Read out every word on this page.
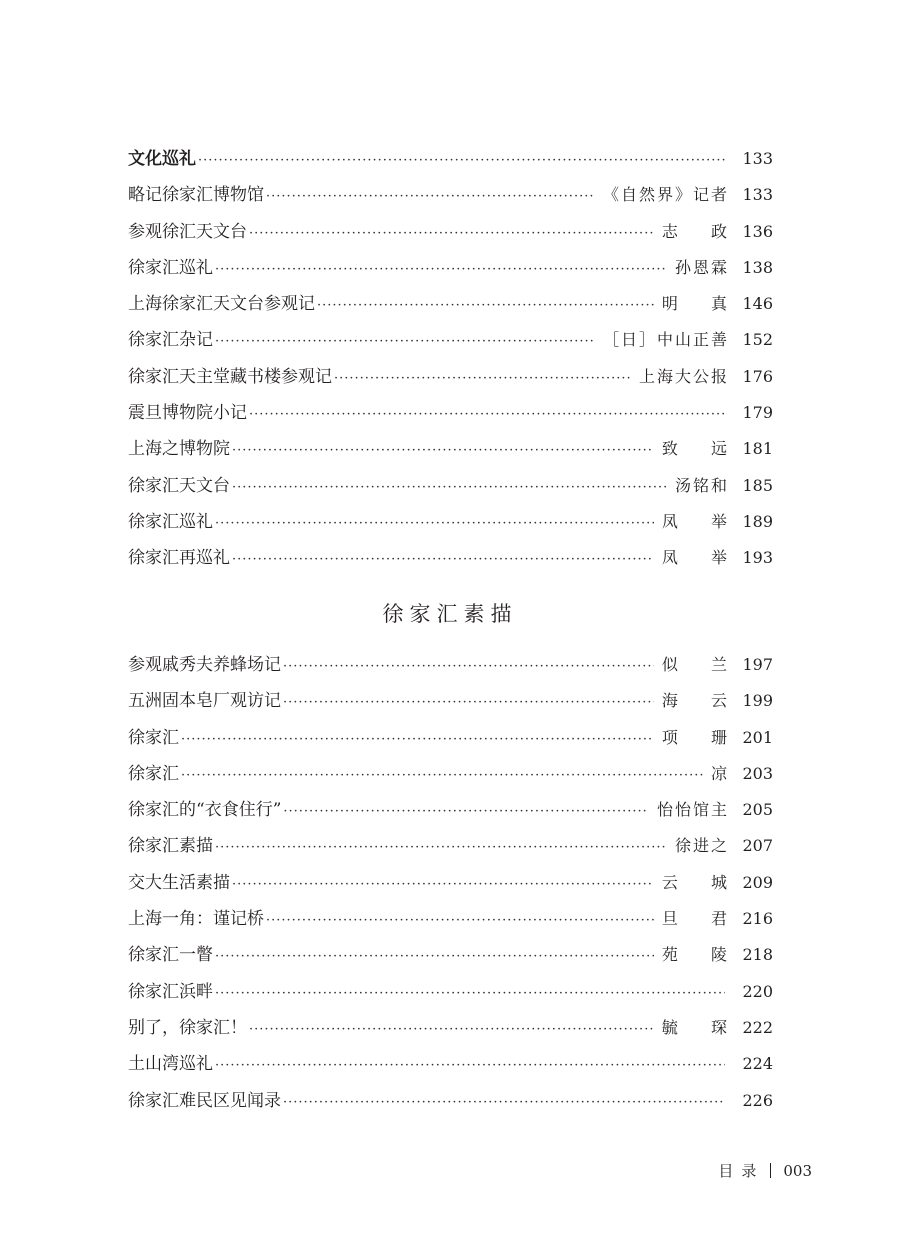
文化巡礼 ·····	133
略记徐家汇博物馆 ·····	《自然界》记者 133
参观徐汇天文台 ·····	志 政 136
徐家汇巡礼 ·····	孙恩霖 138
上海徐家汇天文台参观记 ·····	明 真 146
徐家汇杂记 ·····	［日］中山正善 152
徐家汇天主堂藏书楼参观记 ·····	上海大公报 176
震旦博物院小记 ·····	179
上海之博物院 ·····	致 远 181
徐家汇天文台 ·····	汤铭和 185
徐家汇巡礼 ·····	凤 举 189
徐家汇再巡礼 ·····	凤 举 193
徐家汇素描
参观戚秀夫养蜂场记 ·····	似 兰 197
五洲固本皂厂观访记 ·····	海 云 199
徐家汇 ·····	项 珊 201
徐家汇 ·····	凉 203
徐家汇的“衣食住行” ·····	怡怡馆主 205
徐家汇素描 ·····	徐进之 207
交大生活素描 ·····	云 城 209
上海一角：谨记桥 ·····	旦 君 216
徐家汇一瞥 ·····	苑 陵 218
徐家汇浜畔 ·····	220
别了，徐家汇！ ·····	毓 琛 222
土山湾巡礼 ·····	224
徐家汇难民区见闻录 ·····	226
目录 003
